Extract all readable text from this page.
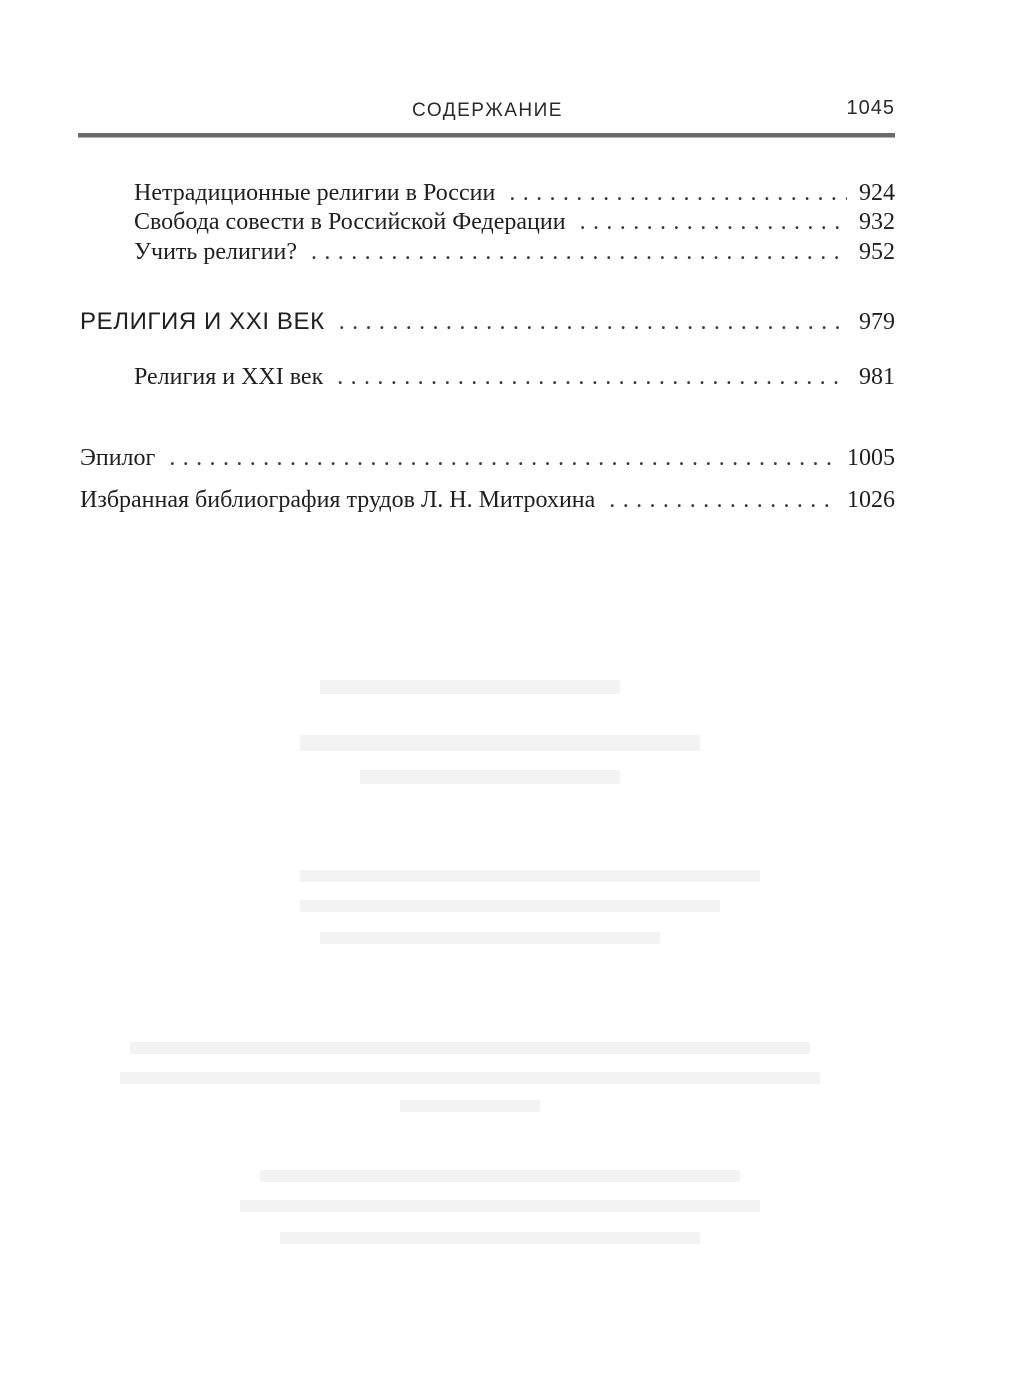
СОДЕРЖАНИЕ	1045
Нетрадиционные религии в России . . .	924
Свобода совести в Российской Федерации . . .	932
Учить религии? . . .	952
РЕЛИГИЯ И XXI ВЕК . . .	979
Религия и XXI век . . .	981
Эпилог . . .	1005
Избранная библиография трудов Л. Н. Митрохина . . .	1026
